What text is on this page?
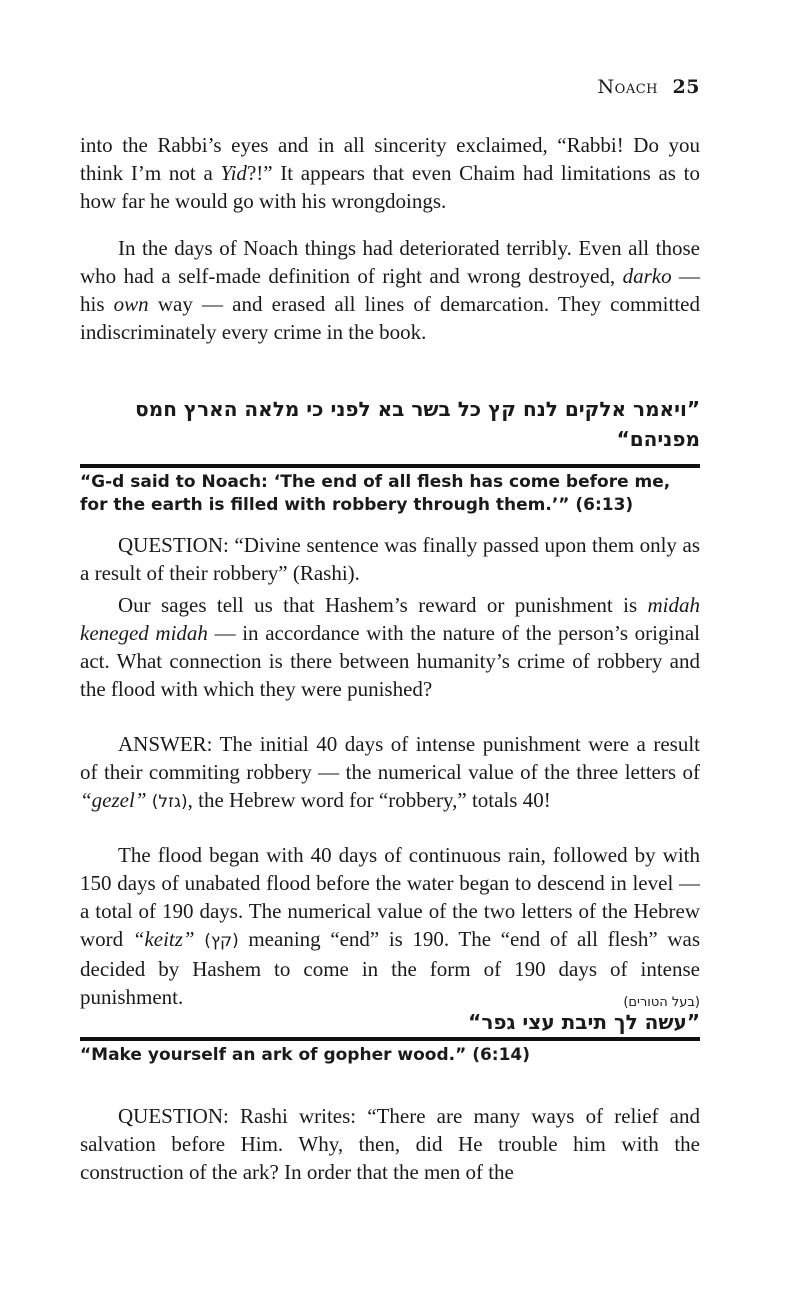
Noach 25

into the Rabbi’s eyes and in all sincerity exclaimed, “Rabbi! Do you think I’m not a Yid?!” It appears that even Chaim had limitations as to how far he would go with his wrongdoings.

In the days of Noach things had deteriorated terribly. Even all those who had a self-made definition of right and wrong destroyed, darko — his own way — and erased all lines of demarcation. They committed indiscriminately every crime in the book.

”ויאמר אלקים לנח קץ כל בשר בא לפני כי מלאה הארץ חמס
מפניהם“
“G-d said to Noach: ‘The end of all flesh has come before me, for the earth is filled with robbery through them.’” (6:13)

QUESTION: “Divine sentence was finally passed upon them only as a result of their robbery” (Rashi).

Our sages tell us that Hashem’s reward or punishment is midah keneged midah — in accordance with the nature of the person’s original act. What connection is there between humanity’s crime of robbery and the flood with which they were punished?

ANSWER: The initial 40 days of intense punishment were a result of their commiting robbery — the numerical value of the three letters of “gezel” (גזל), the Hebrew word for “robbery,” totals 40!

The flood began with 40 days of continuous rain, followed by with 150 days of unabated flood before the water began to descend in level — a total of 190 days. The numerical value of the two letters of the Hebrew word “keitz” (קץ) meaning “end” is 190. The “end of all flesh” was decided by Hashem to come in the form of 190 days of intense punishment.	(בעל הטורים)

”עשה לך תיבת עצי גפר“
“Make yourself an ark of gopher wood.” (6:14)

QUESTION: Rashi writes: “There are many ways of relief and salvation before Him. Why, then, did He trouble him with the construction of the ark? In order that the men of the
